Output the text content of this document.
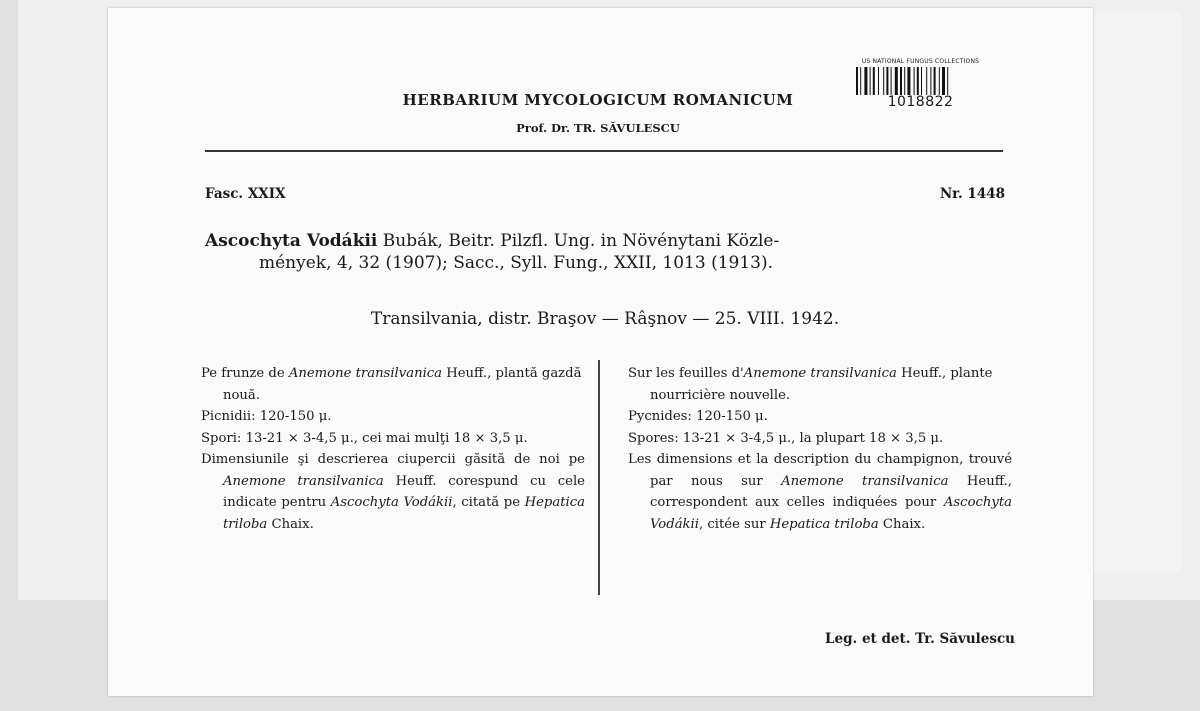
HERBARIUM MYCOLOGICUM ROMANICUM
Prof. Dr. TR. SĂVULESCU
US NATIONAL FUNGUS COLLECTIONS
1018822
Fasc. XXIX	Nr. 1448
Ascochyta Vodákii Bubák, Beitr. Pilzfl. Ung. in Növénytani Közle-
mények, 4, 32 (1907); Sacc., Syll. Fung., XXII, 1013 (1913).
Transilvania, distr. Braşov — Râşnov — 25. VIII. 1942.

Pe frunze de Anemone transilvanica Heuff., plantă gazdă nouă.

Picnidii: 120-150 μ.

Spori: 13-21 × 3-4,5 μ., cei mai mulţi 18 × 3,5 μ.

Dimensiunile şi descrierea ciupercii găsită de noi pe Anemone transilvanica Heuff. corespund cu cele indicate pentru Ascochyta Vodákii, citată pe Hepatica triloba Chaix.

Sur les feuilles d'Anemone transilvanica Heuff., plante nourricière nouvelle.

Pycnides: 120-150 μ.

Spores: 13-21 × 3-4,5 μ., la plupart 18 × 3,5 μ.

Les dimensions et la description du champignon, trouvé par nous sur Anemone transilvanica Heuff., correspondent aux celles indiquées pour Ascochyta Vodákii, citée sur Hepatica triloba Chaix.

Leg. et det. Tr. Săvulescu
